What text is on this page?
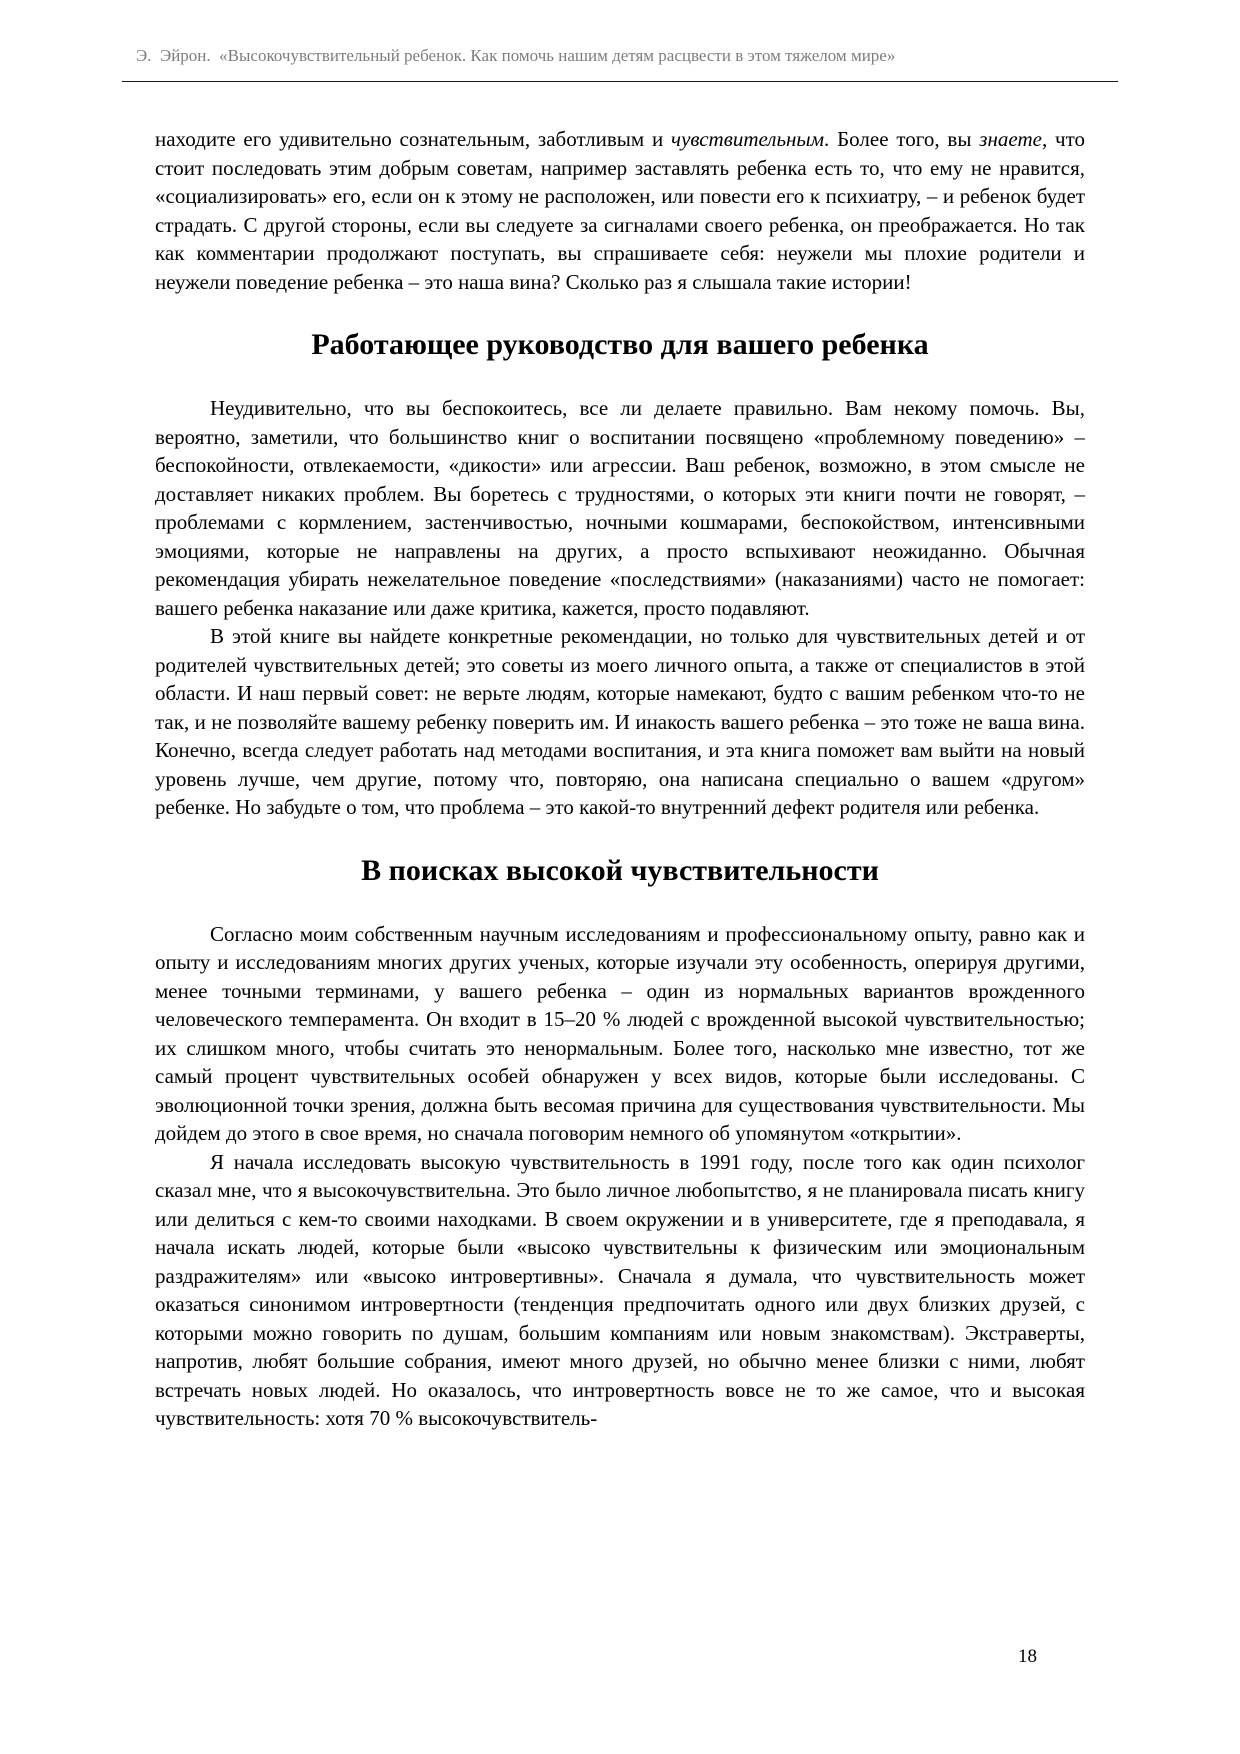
Э.  Эйрон.  «Высокочувствительный ребенок. Как помочь нашим детям расцвести в этом тяжелом мире»

находите его удивительно сознательным, заботливым и чувствительным. Более того, вы знаете, что стоит последовать этим добрым советам, например заставлять ребенка есть то, что ему не нравится, «социализировать» его, если он к этому не расположен, или повести его к психиатру, – и ребенок будет страдать. С другой стороны, если вы следуете за сигналами своего ребенка, он преображается. Но так как комментарии продолжают поступать, вы спрашиваете себя: неужели мы плохие родители и неужели поведение ребенка – это наша вина? Сколько раз я слышала такие истории!

Работающее руководство для вашего ребенка

Неудивительно, что вы беспокоитесь, все ли делаете правильно. Вам некому помочь. Вы, вероятно, заметили, что большинство книг о воспитании посвящено «проблемному поведению» – беспокойности, отвлекаемости, «дикости» или агрессии. Ваш ребенок, возможно, в этом смысле не доставляет никаких проблем. Вы боретесь с трудностями, о которых эти книги почти не говорят, – проблемами с кормлением, застенчивостью, ночными кошмарами, беспокойством, интенсивными эмоциями, которые не направлены на других, а просто вспыхивают неожиданно. Обычная рекомендация убирать нежелательное поведение «последствиями» (наказаниями) часто не помогает: вашего ребенка наказание или даже критика, кажется, просто подавляют.

В этой книге вы найдете конкретные рекомендации, но только для чувствительных детей и от родителей чувствительных детей; это советы из моего личного опыта, а также от специалистов в этой области. И наш первый совет: не верьте людям, которые намекают, будто с вашим ребенком что-то не так, и не позволяйте вашему ребенку поверить им. И инакость вашего ребенка – это тоже не ваша вина. Конечно, всегда следует работать над методами воспитания, и эта книга поможет вам выйти на новый уровень лучше, чем другие, потому что, повторяю, она написана специально о вашем «другом» ребенке. Но забудьте о том, что проблема – это какой-то внутренний дефект родителя или ребенка.

В поисках высокой чувствительности

Согласно моим собственным научным исследованиям и профессиональному опыту, равно как и опыту и исследованиям многих других ученых, которые изучали эту особенность, оперируя другими, менее точными терминами, у вашего ребенка – один из нормальных вариантов врожденного человеческого темперамента. Он входит в 15–20 % людей с врожденной высокой чувствительностью; их слишком много, чтобы считать это ненормальным. Более того, насколько мне известно, тот же самый процент чувствительных особей обнаружен у всех видов, которые были исследованы. С эволюционной точки зрения, должна быть весомая причина для существования чувствительности. Мы дойдем до этого в свое время, но сначала поговорим немного об упомянутом «открытии».

Я начала исследовать высокую чувствительность в 1991 году, после того как один психолог сказал мне, что я высокочувствительна. Это было личное любопытство, я не планировала писать книгу или делиться с кем-то своими находками. В своем окружении и в университете, где я преподавала, я начала искать людей, которые были «высоко чувствительны к физическим или эмоциональным раздражителям» или «высоко интровертивны». Сначала я думала, что чувствительность может оказаться синонимом интровертности (тенденция предпочитать одного или двух близких друзей, с которыми можно говорить по душам, большим компаниям или новым знакомствам). Экстраверты, напротив, любят большие собрания, имеют много друзей, но обычно менее близки с ними, любят встречать новых людей. Но оказалось, что интровертность вовсе не то же самое, что и высокая чувствительность: хотя 70 % высокочувствитель-

18
